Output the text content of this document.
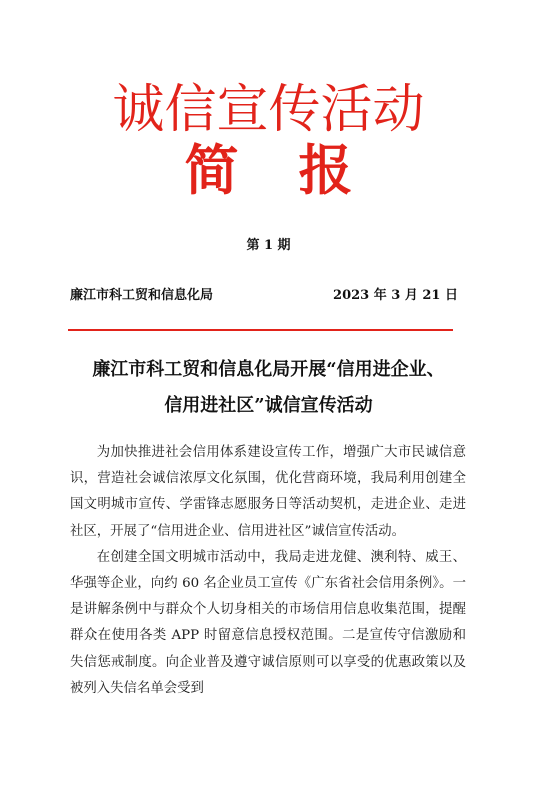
诚信宣传活动
简报
第 1 期
廉江市科工贸和信息化局	2023 年 3 月 21 日
廉江市科工贸和信息化局开展“信用进企业、
信用进社区”诚信宣传活动

为加快推进社会信用体系建设宣传工作，增强广大市民诚信意识，营造社会诚信浓厚文化氛围，优化营商环境，我局利用创建全国文明城市宣传、学雷锋志愿服务日等活动契机，走进企业、走进社区，开展了“信用进企业、信用进社区”诚信宣传活动。

在创建全国文明城市活动中，我局走进龙健、澳利特、威王、华强等企业，向约 60 名企业员工宣传《广东省社会信用条例》。一是讲解条例中与群众个人切身相关的市场信用信息收集范围，提醒群众在使用各类 APP 时留意信息授权范围。二是宣传守信激励和失信惩戒制度。向企业普及遵守诚信原则可以享受的优惠政策以及被列入失信名单会受到
